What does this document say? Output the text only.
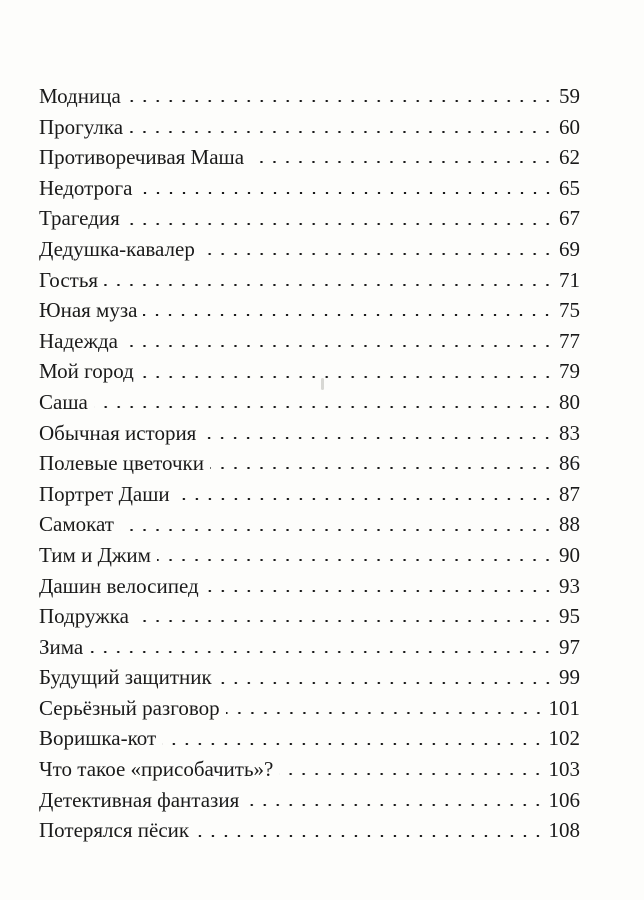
Модница	59
Прогулка	60
Противоречивая Маша	62
Недотрога	65
Трагедия	67
Дедушка-кавалер	69
Гостья	71
Юная муза	75
Надежда	77
Мой город	79
Саша	80
Обычная история	83
Полевые цветочки	86
Портрет Даши	87
Самокат	88
Тим и Джим	90
Дашин велосипед	93
Подружка	95
Зима	97
Будущий защитник	99
Серьёзный разговор	101
Воришка-кот	102
Что такое «присобачить»?	103
Детективная фантазия	106
Потерялся пёсик	108
